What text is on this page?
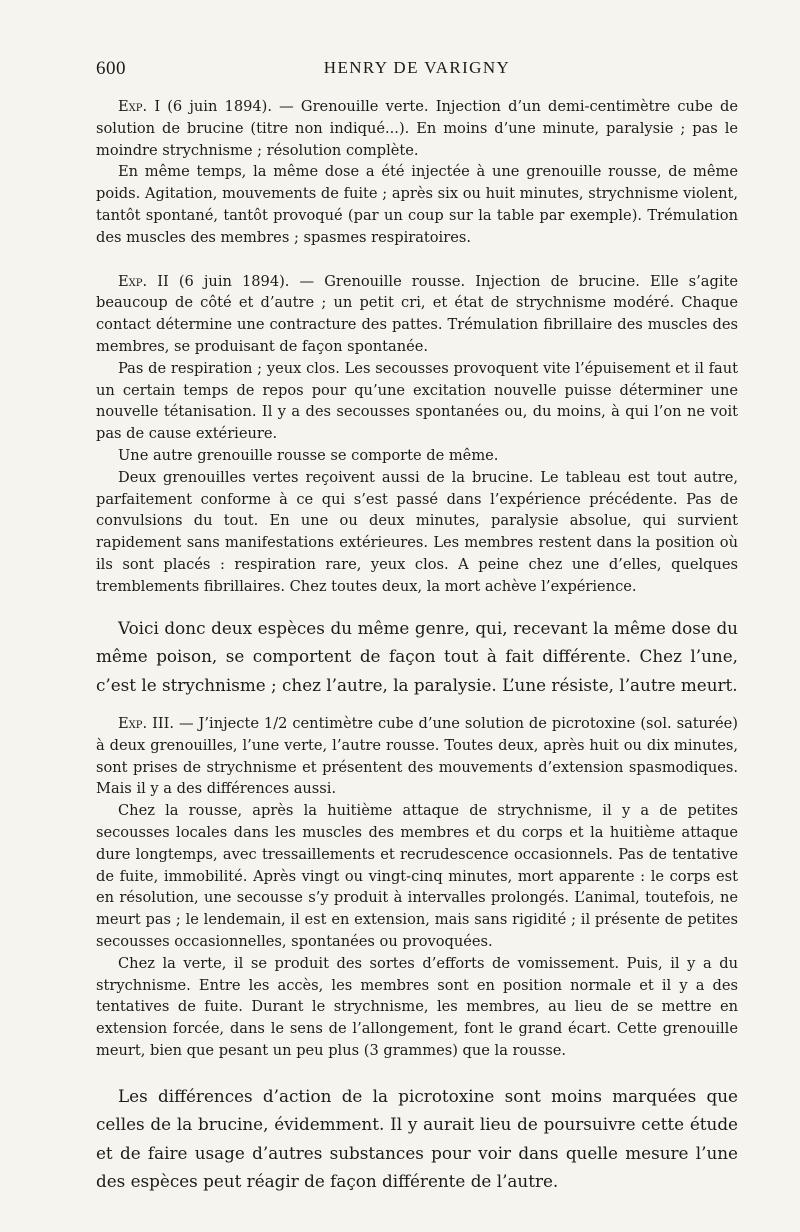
600	HENRY DE VARIGNY

Exp. I (6 juin 1894). — Grenouille verte. Injection d’un demi-centimètre cube de solution de brucine (titre non indiqué...). En moins d’une minute, paralysie ; pas le moindre strychnisme ; résolution complète.

En même temps, la même dose a été injectée à une grenouille rousse, de même poids. Agitation, mouvements de fuite ; après six ou huit minutes, strychnisme violent, tantôt spontané, tantôt provoqué (par un coup sur la table par exemple). Trémulation des muscles des membres ; spasmes respiratoires.

Exp. II (6 juin 1894). — Grenouille rousse. Injection de brucine. Elle s’agite beaucoup de côté et d’autre ; un petit cri, et état de strychnisme modéré. Chaque contact détermine une contracture des pattes. Trémulation fibrillaire des muscles des membres, se produisant de façon spontanée.

Pas de respiration ; yeux clos. Les secousses provoquent vite l’épuisement et il faut un certain temps de repos pour qu’une excitation nouvelle puisse déterminer une nouvelle tétanisation. Il y a des secousses spontanées ou, du moins, à qui l’on ne voit pas de cause extérieure.

Une autre grenouille rousse se comporte de même.

Deux grenouilles vertes reçoivent aussi de la brucine. Le tableau est tout autre, parfaitement conforme à ce qui s’est passé dans l’expérience précédente. Pas de convulsions du tout. En une ou deux minutes, paralysie absolue, qui survient rapidement sans manifestations extérieures. Les membres restent dans la position où ils sont placés : respiration rare, yeux clos. A peine chez une d’elles, quelques tremblements fibrillaires. Chez toutes deux, la mort achève l’expérience.

Voici donc deux espèces du même genre, qui, recevant la même dose du même poison, se comportent de façon tout à fait différente. Chez l’une, c’est le strychnisme ; chez l’autre, la paralysie. L’une résiste, l’autre meurt.

Exp. III. — J’injecte 1/2 centimètre cube d’une solution de picrotoxine (sol. saturée) à deux grenouilles, l’une verte, l’autre rousse. Toutes deux, après huit ou dix minutes, sont prises de strychnisme et présentent des mouvements d’extension spasmodiques. Mais il y a des différences aussi.

Chez la rousse, après la huitième attaque de strychnisme, il y a de petites secousses locales dans les muscles des membres et du corps et la huitième attaque dure longtemps, avec tressaillements et recrudescence occasionnels. Pas de tentative de fuite, immobilité. Après vingt ou vingt-cinq minutes, mort apparente : le corps est en résolution, une secousse s’y produit à intervalles prolongés. L’animal, toutefois, ne meurt pas ; le lendemain, il est en extension, mais sans rigidité ; il présente de petites secousses occasionnelles, spontanées ou provoquées.

Chez la verte, il se produit des sortes d’efforts de vomissement. Puis, il y a du strychnisme. Entre les accès, les membres sont en position normale et il y a des tentatives de fuite. Durant le strychnisme, les membres, au lieu de se mettre en extension forcée, dans le sens de l’allongement, font le grand écart. Cette grenouille meurt, bien que pesant un peu plus (3 grammes) que la rousse.

Les différences d’action de la picrotoxine sont moins marquées que celles de la brucine, évidemment. Il y aurait lieu de poursuivre cette étude et de faire usage d’autres substances pour voir dans quelle mesure l’une des espèces peut réagir de façon différente de l’autre.
